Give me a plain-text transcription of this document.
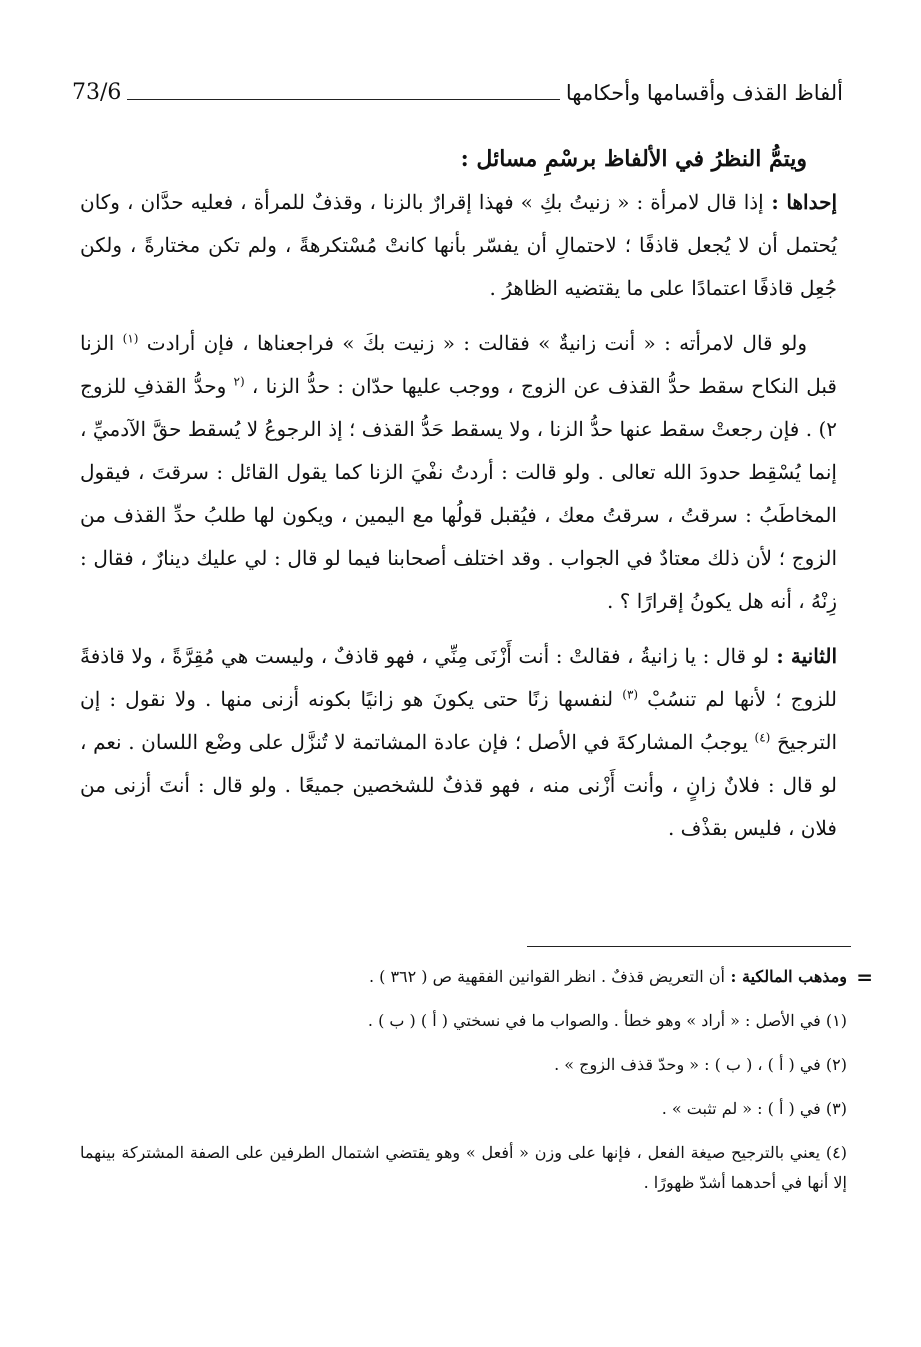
ألفاظ القذف وأقسامها وأحكامها
73/6

ويتمُّ النظرُ في الألفاظ برسْمِ مسائل :

إحداها : إذا قال لامرأة : « زنيتُ بكِ » فهذا إقرارٌ بالزنا ، وقذفٌ للمرأة ، فعليه حدَّان ، وكان يُحتمل أن لا يُجعل قاذفًا ؛ لاحتمالِ أن يفسّر بأنها كانتْ مُسْتكرهةً ، ولم تكن مختارةً ، ولكن جُعِل قاذفًا اعتمادًا على ما يقتضيه الظاهرُ .

ولو قال لامرأته : « أنت زانيةٌ » فقالت : « زنيت بكَ » فراجعناها ، فإن أرادت $^{(١)}$ الزنا قبل النكاح سقط حدُّ القذف عن الزوج ، ووجب عليها حدّان : حدُّ الزنا ، $^{(٢}$ وحدُّ القذفِ للزوج ٢) . فإن رجعتْ سقط عنها حدُّ الزنا ، ولا يسقط حَدُّ القذف ؛ إذ الرجوعُ لا يُسقط حقَّ الآدميِّ ، إنما يُسْقِط حدودَ الله تعالى . ولو قالت : أردتُ نفْيَ الزنا كما يقول القائل : سرقتَ ، فيقول المخاطَبُ : سرقتُ ، سرقتُ معك ، فيُقبل قولُها مع اليمين ، ويكون لها طلبُ حدِّ القذف من الزوج ؛ لأن ذلك معتادٌ في الجواب . وقد اختلف أصحابنا فيما لو قال : لي عليك دينارٌ ، فقال : زِنْهُ ، أنه هل يكونُ إقرارًا ؟ .

الثانية : لو قال : يا زانيةُ ، فقالتْ : أنت أَزْنَى مِنِّي ، فهو قاذفٌ ، وليست هي مُقِرَّةً ، ولا قاذفةً للزوج ؛ لأنها لم تنسُبْ $^{(٣)}$ لنفسها زنًا حتى يكونَ هو زانيًا بكونه أزنى منها . ولا نقول : إن الترجيحَ $^{(٤)}$ يوجبُ المشاركةَ في الأصل ؛ فإن عادة المشاتمة لا تُنزَّل على وضْع اللسان . نعم ، لو قال : فلانٌ زانٍ ، وأنت أَزْنى منه ، فهو قذفٌ للشخصين جميعًا . ولو قال : أنتَ أزنى من فلان ، فليس بقذْف .

=
ومذهب المالكية : أن التعريض قذفٌ . انظر القوانين الفقهية ص ( ٣٦٢ ) .

(١) في الأصل : « أراد » وهو خطأ . والصواب ما في نسختي ( أ ) ( ب ) .

(٢) في ( أ ) ، ( ب ) : « وحدّ قذف الزوج » .

(٣) في ( أ ) : « لم تثبت » .

(٤) يعني بالترجيح صيغة الفعل ، فإنها على وزن « أفعل » وهو يقتضي اشتمال الطرفين على الصفة المشتركة بينهما إلا أنها في أحدهما أشدّ ظهورًا .
